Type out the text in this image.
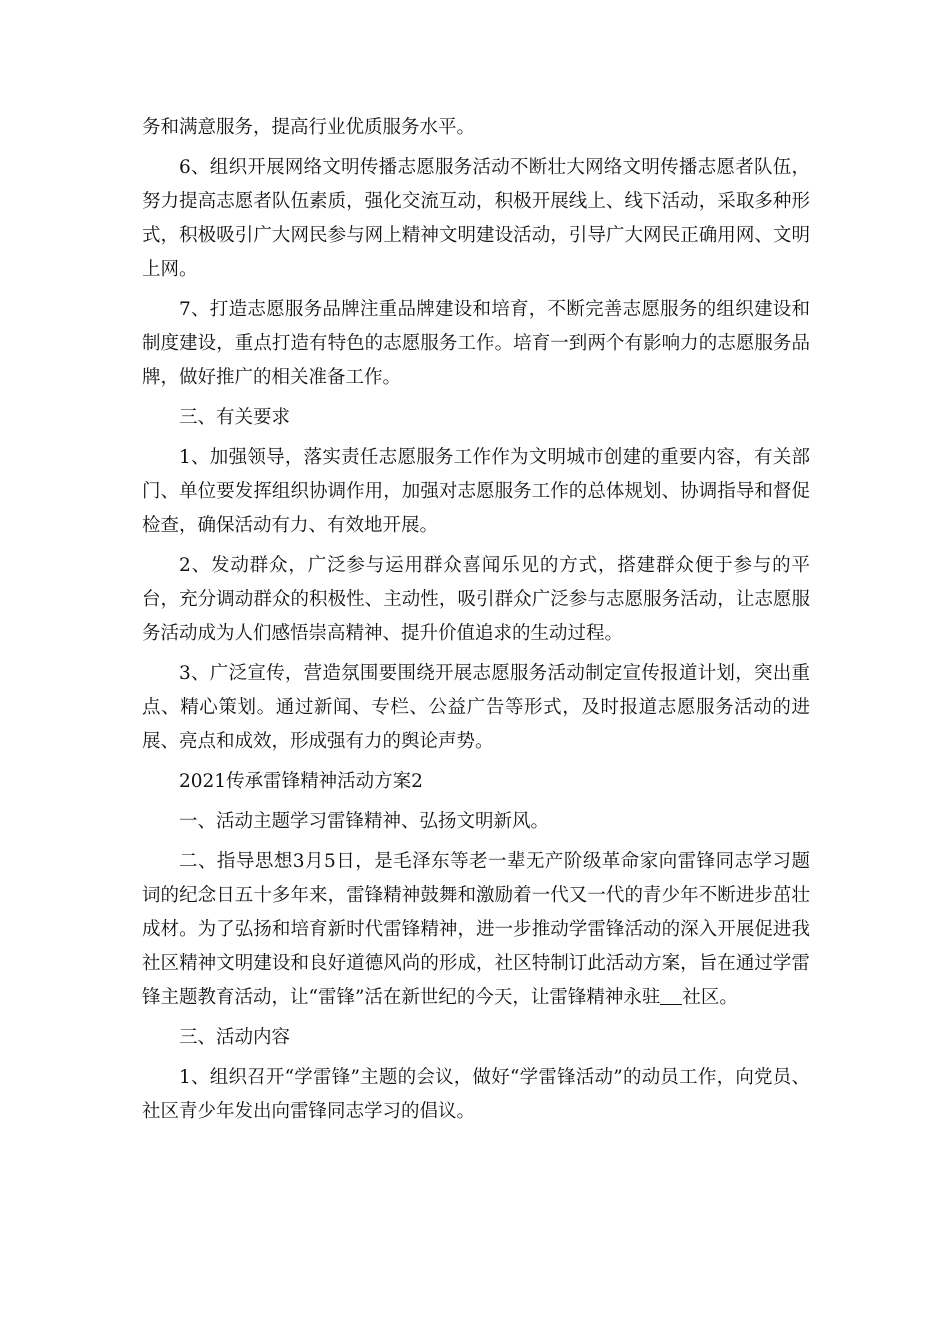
务和满意服务，提高行业优质服务水平。

6、组织开展网络文明传播志愿服务活动不断壮大网络文明传播志愿者队伍，努力提高志愿者队伍素质，强化交流互动，积极开展线上、线下活动，采取多种形式，积极吸引广大网民参与网上精神文明建设活动，引导广大网民正确用网、文明上网。

7、打造志愿服务品牌注重品牌建设和培育，不断完善志愿服务的组织建设和制度建设，重点打造有特色的志愿服务工作。培育一到两个有影响力的志愿服务品牌，做好推广的相关准备工作。

三、有关要求

1、加强领导，落实责任志愿服务工作作为文明城市创建的重要内容，有关部门、单位要发挥组织协调作用，加强对志愿服务工作的总体规划、协调指导和督促检查，确保活动有力、有效地开展。

2、发动群众，广泛参与运用群众喜闻乐见的方式，搭建群众便于参与的平台，充分调动群众的积极性、主动性，吸引群众广泛参与志愿服务活动，让志愿服务活动成为人们感悟崇高精神、提升价值追求的生动过程。

3、广泛宣传，营造氛围要围绕开展志愿服务活动制定宣传报道计划，突出重点、精心策划。通过新闻、专栏、公益广告等形式，及时报道志愿服务活动的进展、亮点和成效，形成强有力的舆论声势。

2021传承雷锋精神活动方案2

一、活动主题学习雷锋精神、弘扬文明新风。

二、指导思想3月5日，是毛泽东等老一辈无产阶级革命家向雷锋同志学习题词的纪念日五十多年来，雷锋精神鼓舞和激励着一代又一代的青少年不断进步茁壮成材。为了弘扬和培育新时代雷锋精神，进一步推动学雷锋活动的深入开展促进我社区精神文明建设和良好道德风尚的形成，社区特制订此活动方案，旨在通过学雷锋主题教育活动，让“雷锋”活在新世纪的今天，让雷锋精神永驻 社区。

三、活动内容

1、组织召开“学雷锋”主题的会议，做好“学雷锋活动”的动员工作，向党员、社区青少年发出向雷锋同志学习的倡议。
